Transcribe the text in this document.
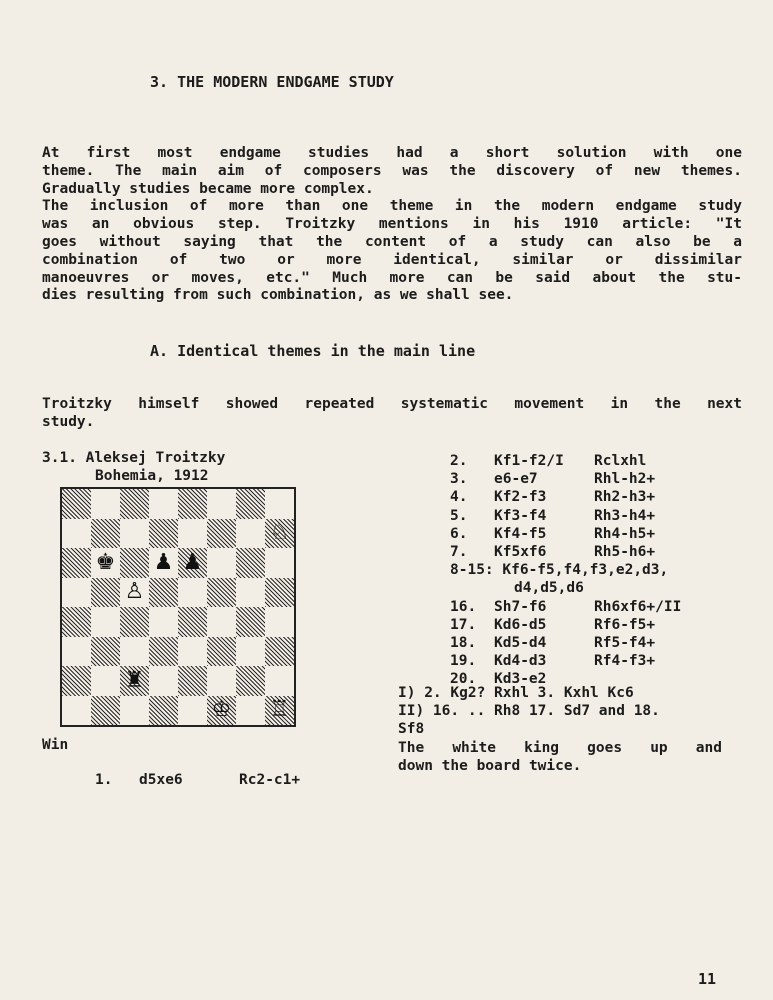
3. THE MODERN ENDGAME STUDY
At first most endgame studies had a short solution with one
theme. The main aim of composers was the discovery of new themes.
Gradually studies became more complex.
The inclusion of more than one theme in the modern endgame study
was an obvious step. Troitzky mentions in his 1910 article: "It
goes without saying that the content of a study can also be a
combination of two or more identical, similar or dissimilar
manoeuvres or moves, etc." Much more can be said about the stu-
dies resulting from such combination, as we shall see.
A. Identical themes in the main line
Troitzky himself showed repeated systematic movement in the next
study.
3.1. Aleksej Troitzky
Bohemia, 1912
♘
♚ ♟ ♟
♙
♜
♔ ♖
Win
1.	d5xe6	Rc2-c1+
2.	Kf1-f2/I	Rclxhl
3.	e6-e7	Rhl-h2+
4.	Kf2-f3	Rh2-h3+
5.	Kf3-f4	Rh3-h4+
6.	Kf4-f5	Rh4-h5+
7.	Kf5xf6	Rh5-h6+
8-15: Kf6-f5,f4,f3,e2,d3,
d4,d5,d6
16.	Sh7-f6	Rh6xf6+/II
17.	Kd6-d5	Rf6-f5+
18.	Kd5-d4	Rf5-f4+
19.	Kd4-d3	Rf4-f3+
20.	Kd3-e2
I) 2. Kg2? Rxhl 3. Kxhl Kc6
II) 16. .. Rh8 17. Sd7 and 18.
Sf8
The white king goes up and
down the board twice.
11
